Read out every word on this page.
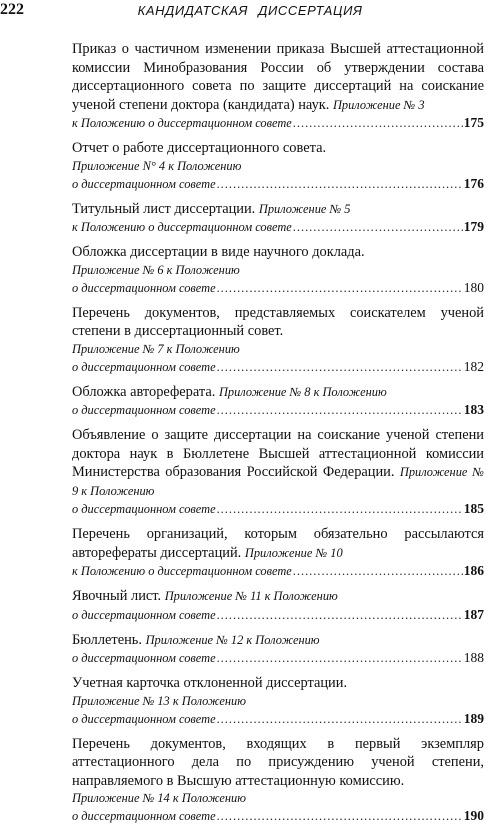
222	КАНДИДАТСКАЯ ДИССЕРТАЦИЯ
Приказ о частичном изменении приказа Высшей аттестационной комиссии Минобразования России об утверждении состава диссертационного совета по защите диссертаций на соискание ученой степени доктора (кандидата) наук. Приложение № 3
к Положению о диссертационном совете .....	175
Отчет о работе диссертационного совета.
Приложение N° 4 к Положению
о диссертационном совете .....	176
Титульный лист диссертации. Приложение № 5
к Положению о диссертационном совете .....	179
Обложка диссертации в виде научного доклада.
Приложение № 6 к Положению
о диссертационном совете .....	180
Перечень документов, представляемых соискателем ученой степени в диссертационный совет.
Приложение № 7 к Положению
о диссертационном совете .....	182
Обложка автореферата. Приложение № 8 к Положению
о диссертационном совете .....	183
Объявление о защите диссертации на соискание ученой степени доктора наук в Бюллетене Высшей аттестационной комиссии Министерства образования Российской Федерации. Приложение № 9 к Положению
о диссертационном совете .....	185
Перечень организаций, которым обязательно рассылаются авторефераты диссертаций. Приложение № 10
к Положению о диссертационном совете .....	186
Явочный лист. Приложение № 11 к Положению
о диссертационном совете .....	187
Бюллетень. Приложение № 12 к Положению
о диссертационном совете .....	188
Учетная карточка отклоненной диссертации.
Приложение № 13 к Положению
о диссертационном совете .....	189
Перечень документов, входящих в первый экземпляр аттестационного дела по присуждению ученой степени, направляемого в Высшую аттестационную комиссию.
Приложение № 14 к Положению
о диссертационном совете .....	190
